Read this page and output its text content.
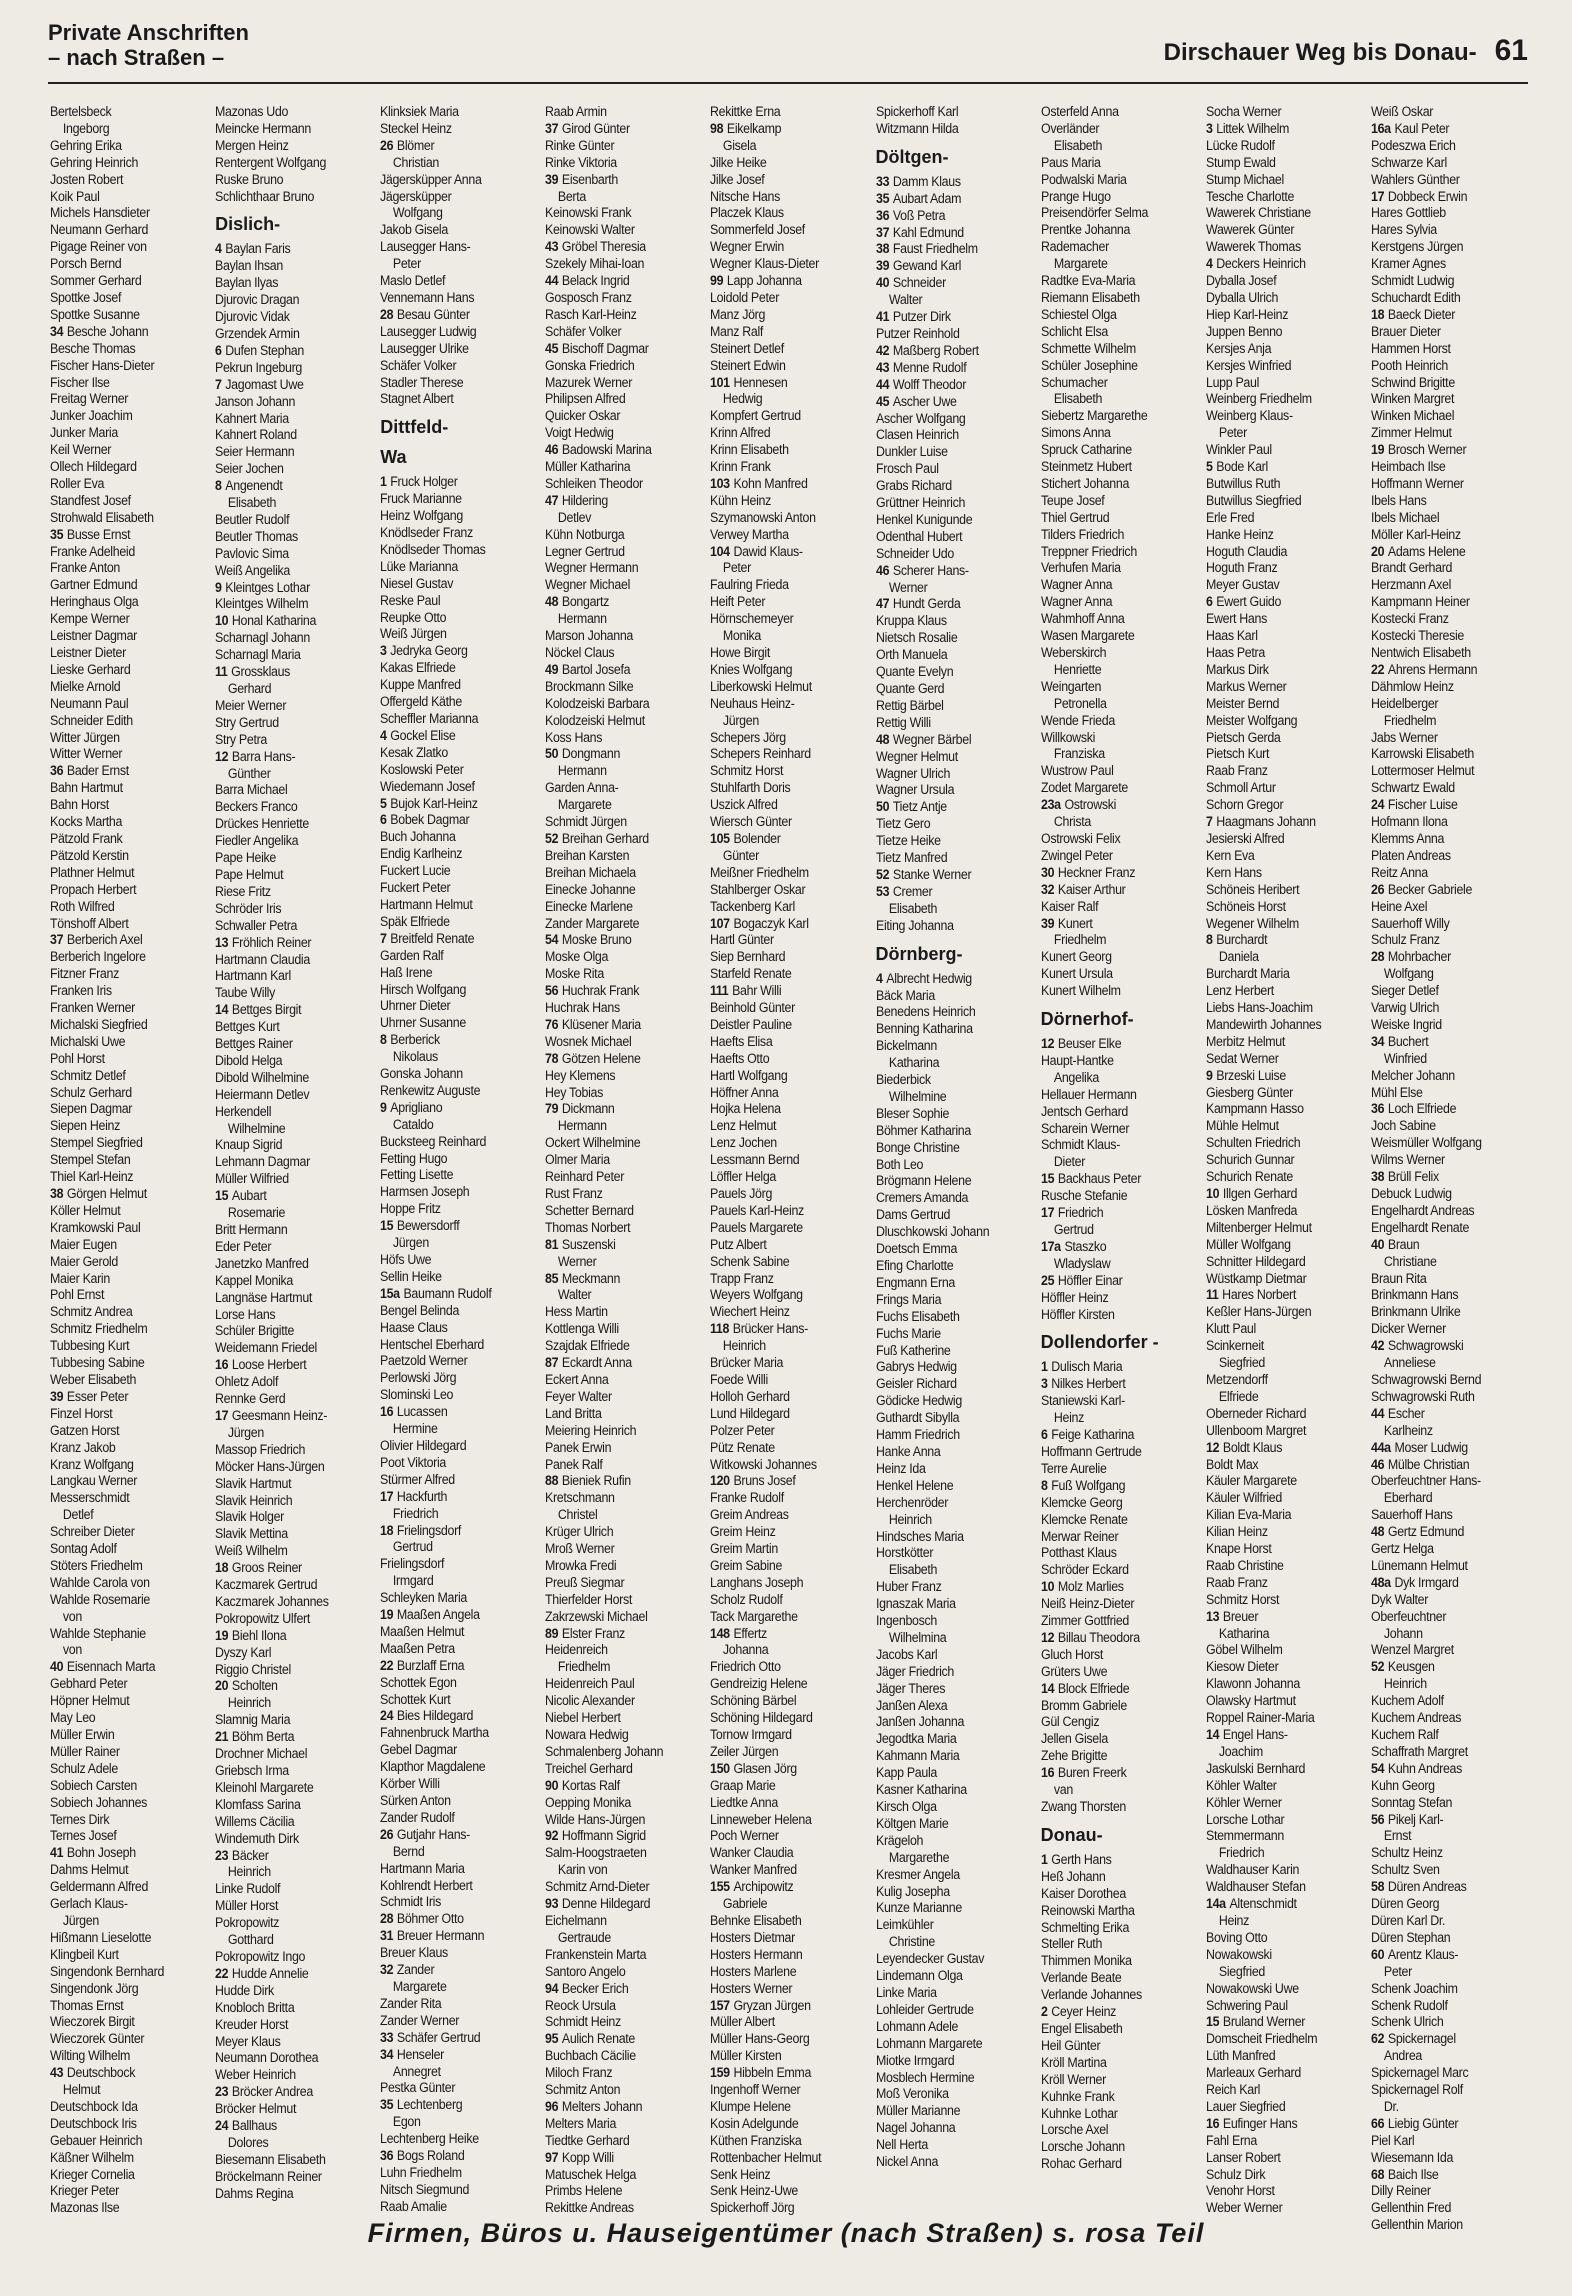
Private Anschriften
– nach Straßen –	Dirschauer Weg bis Donau- 61
Bertelsbeck
Ingeborg
Gehring Erika
Gehring Heinrich
Josten Robert
Koik Paul
Michels Hansdieter
Neumann Gerhard
Pigage Reiner von
Porsch Bernd
Sommer Gerhard
Spottke Josef
Spottke Susanne
34 Besche Johann
Besche Thomas
Fischer Hans-Dieter
Fischer Ilse
Freitag Werner
Junker Joachim
Junker Maria
Keil Werner
Ollech Hildegard
Roller Eva
Standfest Josef
Strohwald Elisabeth
35 Busse Ernst
Franke Adelheid
Franke Anton
Gartner Edmund
Heringhaus Olga
Kempe Werner
Leistner Dagmar
Leistner Dieter
Lieske Gerhard
Mielke Arnold
Neumann Paul
Schneider Edith
Witter Jürgen
Witter Werner
36 Bader Ernst
Bahn Hartmut
Bahn Horst
Kocks Martha
Pätzold Frank
Pätzold Kerstin
Plathner Helmut
Propach Herbert
Roth Wilfred
Tönshoff Albert
37 Berberich Axel
Berberich Ingelore
Fitzner Franz
Franken Iris
Franken Werner
Michalski Siegfried
Michalski Uwe
Pohl Horst
Schmitz Detlef
Schulz Gerhard
Siepen Dagmar
Siepen Heinz
Stempel Siegfried
Stempel Stefan
Thiel Karl-Heinz
38 Görgen Helmut
Köller Helmut
Kramkowski Paul
Maier Eugen
Maier Gerold
Maier Karin
Pohl Ernst
Schmitz Andrea
Schmitz Friedhelm
Tubbesing Kurt
Tubbesing Sabine
Weber Elisabeth
39 Esser Peter
Finzel Horst
Gatzen Horst
Kranz Jakob
Kranz Wolfgang
Langkau Werner
Messerschmidt
Detlef
Schreiber Dieter
Sontag Adolf
Stöters Friedhelm
Wahlde Carola von
Wahlde Rosemarie
von
Wahlde Stephanie
von
40 Eisennach Marta
Gebhard Peter
Höpner Helmut
May Leo
Müller Erwin
Müller Rainer
Schulz Adele
Sobiech Carsten
Sobiech Johannes
Ternes Dirk
Ternes Josef
41 Bohn Joseph
Dahms Helmut
Geldermann Alfred
Gerlach Klaus-
Jürgen
Hißmann Lieselotte
Klingbeil Kurt
Singendonk Bernhard
Singendonk Jörg
Thomas Ernst
Wieczorek Birgit
Wieczorek Günter
Wilting Wilhelm
43 Deutschbock
Helmut
Deutschbock Ida
Deutschbock Iris
Gebauer Heinrich
Käßner Wilhelm
Krieger Cornelia
Krieger Peter
Mazonas Ilse
Mazonas Udo
Meincke Hermann
Mergen Heinz
Rentergent Wolfgang
Ruske Bruno
Schlichthaar Bruno
Dislich-
4 Baylan Faris
Baylan Ihsan
Baylan Ilyas
Djurovic Dragan
Djurovic Vidak
Grzendek Armin
6 Dufen Stephan
Pekrun Ingeburg
7 Jagomast Uwe
Janson Johann
Kahnert Maria
Kahnert Roland
Seier Hermann
Seier Jochen
8 Angenendt
Elisabeth
Beutler Rudolf
Beutler Thomas
Pavlovic Sima
Weiß Angelika
9 Kleintges Lothar
Kleintges Wilhelm
10 Honal Katharina
Scharnagl Johann
Scharnagl Maria
11 Grossklaus
Gerhard
Meier Werner
Stry Gertrud
Stry Petra
12 Barra Hans-
Günther
Barra Michael
Beckers Franco
Drückes Henriette
Fiedler Angelika
Pape Heike
Pape Helmut
Riese Fritz
Schröder Iris
Schwaller Petra
13 Fröhlich Reiner
Hartmann Claudia
Hartmann Karl
Taube Willy
14 Bettges Birgit
Bettges Kurt
Bettges Rainer
Dibold Helga
Dibold Wilhelmine
Heiermann Detlev
Herkendell
Wilhelmine
Knaup Sigrid
Lehmann Dagmar
Müller Wilfried
15 Aubart
Rosemarie
Britt Hermann
Eder Peter
Janetzko Manfred
Kappel Monika
Langnäse Hartmut
Lorse Hans
Schüler Brigitte
Weidemann Friedel
16 Loose Herbert
Ohletz Adolf
Rennke Gerd
17 Geesmann Heinz-
Jürgen
Massop Friedrich
Möcker Hans-Jürgen
Slavik Hartmut
Slavik Heinrich
Slavik Holger
Slavik Mettina
Weiß Wilhelm
18 Groos Reiner
Kaczmarek Gertrud
Kaczmarek Johannes
Pokropowitz Ulfert
19 Biehl Ilona
Dyszy Karl
Riggio Christel
20 Scholten
Heinrich
Slamnig Maria
21 Böhm Berta
Drochner Michael
Griebsch Irma
Kleinohl Margarete
Klomfass Sarina
Willems Cäcilia
Windemuth Dirk
23 Bäcker
Heinrich
Linke Rudolf
Müller Horst
Pokropowitz
Gotthard
Pokropowitz Ingo
22 Hudde Annelie
Hudde Dirk
Knobloch Britta
Kreuder Horst
Meyer Klaus
Neumann Dorothea
Weber Heinrich
23 Bröcker Andrea
Bröcker Helmut
24 Ballhaus
Dolores
Biesemann Elisabeth
Bröckelmann Reiner
Dahms Regina
Klinksiek Maria
Steckel Heinz
26 Blömer
Christian
Jägersküpper Anna
Jägersküpper
Wolfgang
Jakob Gisela
Lausegger Hans-
Peter
Maslo Detlef
Vennemann Hans
28 Besau Günter
Lausegger Ludwig
Lausegger Ulrike
Schäfer Volker
Stadler Therese
Stagnet Albert
Dittfeld-
Wa
1 Fruck Holger
Fruck Marianne
Heinz Wolfgang
Knödlseder Franz
Knödlseder Thomas
Lüke Marianna
Niesel Gustav
Reske Paul
Reupke Otto
Weiß Jürgen
3 Jedryka Georg
Kakas Elfriede
Kuppe Manfred
Offergeld Käthe
Scheffler Marianna
4 Gockel Elise
Kesak Zlatko
Koslowski Peter
Wiedemann Josef
5 Bujok Karl-Heinz
6 Bobek Dagmar
Buch Johanna
Endig Karlheinz
Fuckert Lucie
Fuckert Peter
Hartmann Helmut
Späk Elfriede
7 Breitfeld Renate
Garden Ralf
Haß Irene
Hirsch Wolfgang
Uhrner Dieter
Uhrner Susanne
8 Berberick
Nikolaus
Gonska Johann
Renkewitz Auguste
9 Aprigliano
Cataldo
Bucksteeg Reinhard
Fetting Hugo
Fetting Lisette
Harmsen Joseph
Hoppe Fritz
15 Bewersdorff
Jürgen
Höfs Uwe
Sellin Heike
15a Baumann Rudolf
Bengel Belinda
Haase Claus
Hentschel Eberhard
Paetzold Werner
Perlowski Jörg
Slominski Leo
16 Lucassen
Hermine
Olivier Hildegard
Poot Viktoria
Stürmer Alfred
17 Hackfurth
Friedrich
18 Frielingsdorf
Gertrud
Frielingsdorf
Irmgard
Schleyken Maria
19 Maaßen Angela
Maaßen Helmut
Maaßen Petra
22 Burzlaff Erna
Schottek Egon
Schottek Kurt
24 Bies Hildegard
Fahnenbruck Martha
Gebel Dagmar
Klapthor Magdalene
Körber Willi
Sürken Anton
Zander Rudolf
26 Gutjahr Hans-
Bernd
Hartmann Maria
Kohlrendt Herbert
Schmidt Iris
28 Böhmer Otto
31 Breuer Hermann
Breuer Klaus
32 Zander
Margarete
Zander Rita
Zander Werner
33 Schäfer Gertrud
34 Henseler
Annegret
Pestka Günter
35 Lechtenberg
Egon
Lechtenberg Heike
36 Bogs Roland
Luhn Friedhelm
Nitsch Siegmund
Raab Amalie
Raab Armin
37 Girod Günter
Rinke Günter
Rinke Viktoria
39 Eisenbarth
Berta
Keinowski Frank
Keinowski Walter
43 Gröbel Theresia
Szekely Mihai-Ioan
44 Belack Ingrid
Gosposch Franz
Rasch Karl-Heinz
Schäfer Volker
45 Bischoff Dagmar
Gonska Friedrich
Mazurek Werner
Philipsen Alfred
Quicker Oskar
Voigt Hedwig
46 Badowski Marina
Müller Katharina
Schleiken Theodor
47 Hildering
Detlev
Kühn Notburga
Legner Gertrud
Wegner Hermann
Wegner Michael
48 Bongartz
Hermann
Marson Johanna
Nöckel Claus
49 Bartol Josefa
Brockmann Silke
Kolodzeiski Barbara
Kolodzeiski Helmut
Koss Hans
50 Dongmann
Hermann
Garden Anna-
Margarete
Schmidt Jürgen
52 Breihan Gerhard
Breihan Karsten
Breihan Michaela
Einecke Johanne
Einecke Marlene
Zander Margarete
54 Moske Bruno
Moske Olga
Moske Rita
56 Huchrak Frank
Huchrak Hans
76 Klüsener Maria
Wosnek Michael
78 Götzen Helene
Hey Klemens
Hey Tobias
79 Dickmann
Hermann
Ockert Wilhelmine
Olmer Maria
Reinhard Peter
Rust Franz
Schetter Bernard
Thomas Norbert
81 Suszenski
Werner
85 Meckmann
Walter
Hess Martin
Kottlenga Willi
Szajdak Elfriede
87 Eckardt Anna
Eckert Anna
Feyer Walter
Land Britta
Meiering Heinrich
Panek Erwin
Panek Ralf
88 Bieniek Rufin
Kretschmann
Christel
Krüger Ulrich
Mroß Werner
Mrowka Fredi
Preuß Siegmar
Thierfelder Horst
Zakrzewski Michael
89 Elster Franz
Heidenreich
Friedhelm
Heidenreich Paul
Nicolic Alexander
Niebel Herbert
Nowara Hedwig
Schmalenberg Johann
Treichel Gerhard
90 Kortas Ralf
Oepping Monika
Wilde Hans-Jürgen
92 Hoffmann Sigrid
Salm-Hoogstraeten
Karin von
Schmitz Arnd-Dieter
93 Denne Hildegard
Eichelmann
Gertraude
Frankenstein Marta
Santoro Angelo
94 Becker Erich
Reock Ursula
Schmidt Heinz
95 Aulich Renate
Buchbach Cäcilie
Miloch Franz
Schmitz Anton
96 Melters Johann
Melters Maria
Tiedtke Gerhard
97 Kopp Willi
Matuschek Helga
Primbs Helene
Rekittke Andreas
Rekittke Erna
98 Eikelkamp
Gisela
Jilke Heike
Jilke Josef
Nitsche Hans
Placzek Klaus
Sommerfeld Josef
Wegner Erwin
Wegner Klaus-Dieter
99 Lapp Johanna
Loidold Peter
Manz Jörg
Manz Ralf
Steinert Detlef
Steinert Edwin
101 Hennesen
Hedwig
Kompfert Gertrud
Krinn Alfred
Krinn Elisabeth
Krinn Frank
103 Kohn Manfred
Kühn Heinz
Szymanowski Anton
Verwey Martha
104 Dawid Klaus-
Peter
Faulring Frieda
Heift Peter
Hörnschemeyer
Monika
Howe Birgit
Knies Wolfgang
Liberkowski Helmut
Neuhaus Heinz-
Jürgen
Schepers Jörg
Schepers Reinhard
Schmitz Horst
Stuhlfarth Doris
Uszick Alfred
Wiersch Günter
105 Bolender
Günter
Meißner Friedhelm
Stahlberger Oskar
Tackenberg Karl
107 Bogaczyk Karl
Hartl Günter
Siep Bernhard
Starfeld Renate
111 Bahr Willi
Beinhold Günter
Deistler Pauline
Haefts Elisa
Haefts Otto
Hartl Wolfgang
Höffner Anna
Hojka Helena
Lenz Helmut
Lenz Jochen
Lessmann Bernd
Löffler Helga
Pauels Jörg
Pauels Karl-Heinz
Pauels Margarete
Putz Albert
Schenk Sabine
Trapp Franz
Weyers Wolfgang
Wiechert Heinz
118 Brücker Hans-
Heinrich
Brücker Maria
Foede Willi
Holloh Gerhard
Lund Hildegard
Polzer Peter
Pütz Renate
Witkowski Johannes
120 Bruns Josef
Franke Rudolf
Greim Andreas
Greim Heinz
Greim Martin
Greim Sabine
Langhans Joseph
Scholz Rudolf
Tack Margarethe
148 Effertz
Johanna
Friedrich Otto
Gendreizig Helene
Schöning Bärbel
Schöning Hildegard
Tornow Irmgard
Zeiler Jürgen
150 Glasen Jörg
Graap Marie
Liedtke Anna
Linneweber Helena
Poch Werner
Wanker Claudia
Wanker Manfred
155 Archipowitz
Gabriele
Behnke Elisabeth
Hosters Dietmar
Hosters Hermann
Hosters Marlene
Hosters Werner
157 Gryzan Jürgen
Müller Albert
Müller Hans-Georg
Müller Kirsten
159 Hibbeln Emma
Ingenhoff Werner
Klumpe Helene
Kosin Adelgunde
Küthen Franziska
Rottenbacher Helmut
Senk Heinz
Senk Heinz-Uwe
Spickerhoff Jörg
Spickerhoff Karl
Witzmann Hilda
Döltgen-
33 Damm Klaus
35 Aubart Adam
36 Voß Petra
37 Kahl Edmund
38 Faust Friedhelm
39 Gewand Karl
40 Schneider
Walter
41 Putzer Dirk
Putzer Reinhold
42 Maßberg Robert
43 Menne Rudolf
44 Wolff Theodor
45 Ascher Uwe
Ascher Wolfgang
Clasen Heinrich
Dunkler Luise
Frosch Paul
Grabs Richard
Grüttner Heinrich
Henkel Kunigunde
Odenthal Hubert
Schneider Udo
46 Scherer Hans-
Werner
47 Hundt Gerda
Kruppa Klaus
Nietsch Rosalie
Orth Manuela
Quante Evelyn
Quante Gerd
Rettig Bärbel
Rettig Willi
48 Wegner Bärbel
Wegner Helmut
Wagner Ulrich
Wagner Ursula
50 Tietz Antje
Tietz Gero
Tietze Heike
Tietz Manfred
52 Stanke Werner
53 Cremer
Elisabeth
Eiting Johanna
Dörnberg-
4 Albrecht Hedwig
Bäck Maria
Benedens Heinrich
Benning Katharina
Bickelmann
Katharina
Biederbick
Wilhelmine
Bleser Sophie
Böhmer Katharina
Bonge Christine
Both Leo
Brögmann Helene
Cremers Amanda
Dams Gertrud
Dluschkowski Johann
Doetsch Emma
Efing Charlotte
Engmann Erna
Frings Maria
Fuchs Elisabeth
Fuchs Marie
Fuß Katherine
Gabrys Hedwig
Geisler Richard
Gödicke Hedwig
Guthardt Sibylla
Hamm Friedrich
Hanke Anna
Heinz Ida
Henkel Helene
Herchenröder
Heinrich
Hindsches Maria
Horstkötter
Elisabeth
Huber Franz
Ignaszak Maria
Ingenbosch
Wilhelmina
Jacobs Karl
Jäger Friedrich
Jäger Theres
Janßen Alexa
Janßen Johanna
Jegodtka Maria
Kahmann Maria
Kapp Paula
Kasner Katharina
Kirsch Olga
Költgen Marie
Krägeloh
Margarethe
Kresmer Angela
Kulig Josepha
Kunze Marianne
Leimkühler
Christine
Leyendecker Gustav
Lindemann Olga
Linke Maria
Lohleider Gertrude
Lohmann Adele
Lohmann Margarete
Miotke Irmgard
Mosblech Hermine
Moß Veronika
Müller Marianne
Nagel Johanna
Nell Herta
Nickel Anna
Osterfeld Anna
Overländer
Elisabeth
Paus Maria
Podwalski Maria
Prange Hugo
Preisendörfer Selma
Prentke Johanna
Rademacher
Margarete
Radtke Eva-Maria
Riemann Elisabeth
Schiestel Olga
Schlicht Elsa
Schmette Wilhelm
Schüler Josephine
Schumacher
Elisabeth
Siebertz Margarethe
Simons Anna
Spruck Catharine
Steinmetz Hubert
Stichert Johanna
Teupe Josef
Thiel Gertrud
Tilders Friedrich
Treppner Friedrich
Verhufen Maria
Wagner Anna
Wagner Anna
Wahmhoff Anna
Wasen Margarete
Weberskirch
Henriette
Weingarten
Petronella
Wende Frieda
Willkowski
Franziska
Wustrow Paul
Zodet Margarete
23a Ostrowski
Christa
Ostrowski Felix
Zwingel Peter
30 Heckner Franz
32 Kaiser Arthur
Kaiser Ralf
39 Kunert
Friedhelm
Kunert Georg
Kunert Ursula
Kunert Wilhelm
Dörnerhof-
12 Beuser Elke
Haupt-Hantke
Angelika
Hellauer Hermann
Jentsch Gerhard
Scharein Werner
Schmidt Klaus-
Dieter
15 Backhaus Peter
Rusche Stefanie
17 Friedrich
Gertrud
17a Staszko
Wladyslaw
25 Höffler Einar
Höffler Heinz
Höffler Kirsten
Dollendorfer -
1 Dulisch Maria
3 Nilkes Herbert
Staniewski Karl-
Heinz
6 Feige Katharina
Hoffmann Gertrude
Terre Aurelie
8 Fuß Wolfgang
Klemcke Georg
Klemcke Renate
Merwar Reiner
Potthast Klaus
Schröder Eckard
10 Molz Marlies
Neiß Heinz-Dieter
Zimmer Gottfried
12 Billau Theodora
Gluch Horst
Grüters Uwe
14 Block Elfriede
Bromm Gabriele
Gül Cengiz
Jellen Gisela
Zehe Brigitte
16 Buren Freerk
van
Zwang Thorsten
Donau-
1 Gerth Hans
Heß Johann
Kaiser Dorothea
Reinowski Martha
Schmelting Erika
Steller Ruth
Thimmen Monika
Verlande Beate
Verlande Johannes
2 Ceyer Heinz
Engel Elisabeth
Heil Günter
Kröll Martina
Kröll Werner
Kuhnke Frank
Kuhnke Lothar
Lorsche Axel
Lorsche Johann
Rohac Gerhard
Socha Werner
3 Littek Wilhelm
Lücke Rudolf
Stump Ewald
Stump Michael
Tesche Charlotte
Wawerek Christiane
Wawerek Günter
Wawerek Thomas
4 Deckers Heinrich
Dyballa Josef
Dyballa Ulrich
Hiep Karl-Heinz
Juppen Benno
Kersjes Anja
Kersjes Winfried
Lupp Paul
Weinberg Friedhelm
Weinberg Klaus-
Peter
Winkler Paul
5 Bode Karl
Butwillus Ruth
Butwillus Siegfried
Erle Fred
Hanke Heinz
Hoguth Claudia
Hoguth Franz
Meyer Gustav
6 Ewert Guido
Ewert Hans
Haas Karl
Haas Petra
Markus Dirk
Markus Werner
Meister Bernd
Meister Wolfgang
Pietsch Gerda
Pietsch Kurt
Raab Franz
Schmoll Artur
Schorn Gregor
7 Haagmans Johann
Jesierski Alfred
Kern Eva
Kern Hans
Schöneis Heribert
Schöneis Horst
Wegener Wilhelm
8 Burchardt
Daniela
Burchardt Maria
Lenz Herbert
Liebs Hans-Joachim
Mandewirth Johannes
Merbitz Helmut
Sedat Werner
9 Brzeski Luise
Giesberg Günter
Kampmann Hasso
Mühle Helmut
Schulten Friedrich
Schurich Gunnar
Schurich Renate
10 Illgen Gerhard
Lösken Manfreda
Miltenberger Helmut
Müller Wolfgang
Schnitter Hildegard
Wüstkamp Dietmar
11 Hares Norbert
Keßler Hans-Jürgen
Klutt Paul
Scinkerneit
Siegfried
Metzendorff
Elfriede
Oberneder Richard
Ullenboom Margret
12 Boldt Klaus
Boldt Max
Käuler Margarete
Käuler Wilfried
Kilian Eva-Maria
Kilian Heinz
Knape Horst
Raab Christine
Raab Franz
Schmitz Horst
13 Breuer
Katharina
Göbel Wilhelm
Kiesow Dieter
Klawonn Johanna
Olawsky Hartmut
Roppel Rainer-Maria
14 Engel Hans-
Joachim
Jaskulski Bernhard
Köhler Walter
Köhler Werner
Lorsche Lothar
Stemmermann
Friedrich
Waldhauser Karin
Waldhauser Stefan
14a Altenschmidt
Heinz
Boving Otto
Nowakowski
Siegfried
Nowakowski Uwe
Schwering Paul
15 Bruland Werner
Domscheit Friedhelm
Lüth Manfred
Marleaux Gerhard
Reich Karl
Lauer Siegfried
16 Eufinger Hans
Fahl Erna
Lanser Robert
Schulz Dirk
Venohr Horst
Weber Werner
Weiß Oskar
16a Kaul Peter
Podeszwa Erich
Schwarze Karl
Wahlers Günther
17 Dobbeck Erwin
Hares Gottlieb
Hares Sylvia
Kerstgens Jürgen
Kramer Agnes
Schmidt Ludwig
Schuchardt Edith
18 Baeck Dieter
Brauer Dieter
Hammen Horst
Pooth Heinrich
Schwind Brigitte
Winken Margret
Winken Michael
Zimmer Helmut
19 Brosch Werner
Heimbach Ilse
Hoffmann Werner
Ibels Hans
Ibels Michael
Möller Karl-Heinz
20 Adams Helene
Brandt Gerhard
Herzmann Axel
Kampmann Heiner
Kostecki Franz
Kostecki Theresie
Nentwich Elisabeth
22 Ahrens Hermann
Dähmlow Heinz
Heidelberger
Friedhelm
Jabs Werner
Karrowski Elisabeth
Lottermoser Helmut
Schwartz Ewald
24 Fischer Luise
Hofmann Ilona
Klemms Anna
Platen Andreas
Reitz Anna
26 Becker Gabriele
Heine Axel
Sauerhoff Willy
Schulz Franz
28 Mohrbacher
Wolfgang
Sieger Detlef
Varwig Ulrich
Weiske Ingrid
34 Buchert
Winfried
Melcher Johann
Mühl Else
36 Loch Elfriede
Joch Sabine
Weismüller Wolfgang
Wilms Werner
38 Brüll Felix
Debuck Ludwig
Engelhardt Andreas
Engelhardt Renate
40 Braun
Christiane
Braun Rita
Brinkmann Hans
Brinkmann Ulrike
Dicker Werner
42 Schwagrowski
Anneliese
Schwagrowski Bernd
Schwagrowski Ruth
44 Escher
Karlheinz
44a Moser Ludwig
46 Mülbe Christian
Oberfeuchtner Hans-
Eberhard
Sauerhoff Hans
48 Gertz Edmund
Gertz Helga
Lünemann Helmut
48a Dyk Irmgard
Dyk Walter
Oberfeuchtner
Johann
Wenzel Margret
52 Keusgen
Heinrich
Kuchem Adolf
Kuchem Andreas
Kuchem Ralf
Schaffrath Margret
54 Kuhn Andreas
Kuhn Georg
Sonntag Stefan
56 Pikelj Karl-
Ernst
Schultz Heinz
Schultz Sven
58 Düren Andreas
Düren Georg
Düren Karl Dr.
Düren Stephan
60 Arentz Klaus-
Peter
Schenk Joachim
Schenk Rudolf
Schenk Ulrich
62 Spickernagel
Andrea
Spickernagel Marc
Spickernagel Rolf
Dr.
66 Liebig Günter
Piel Karl
Wiesemann Ida
68 Baich Ilse
Dilly Reiner
Gellenthin Fred
Gellenthin Marion
Firmen, Büros u. Hauseigentümer (nach Straßen) s. rosa Teil
